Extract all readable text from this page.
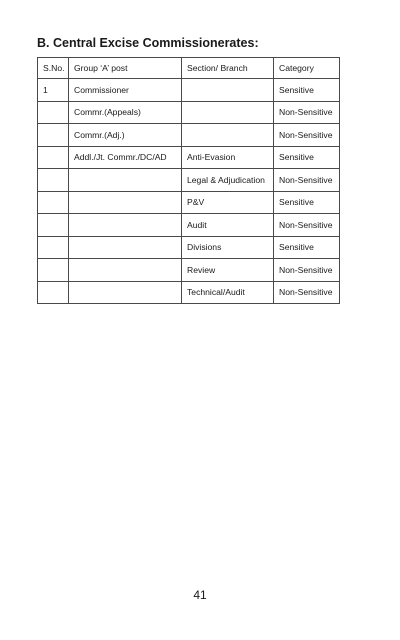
B. Central Excise Commissionerates:
S.No.	Group ‘A’ post	Section/ Branch	Category
1	Commissioner		Sensitive
	Commr.(Appeals)		Non-Sensitive
	Commr.(Adj.)		Non-Sensitive
	Addl./Jt. Commr./DC/AD	Anti-Evasion	Sensitive
		Legal & Adjudication	Non-Sensitive
		P&V	Sensitive
		Audit	Non-Sensitive
		Divisions	Sensitive
		Review	Non-Sensitive
		Technical/Audit	Non-Sensitive
41
